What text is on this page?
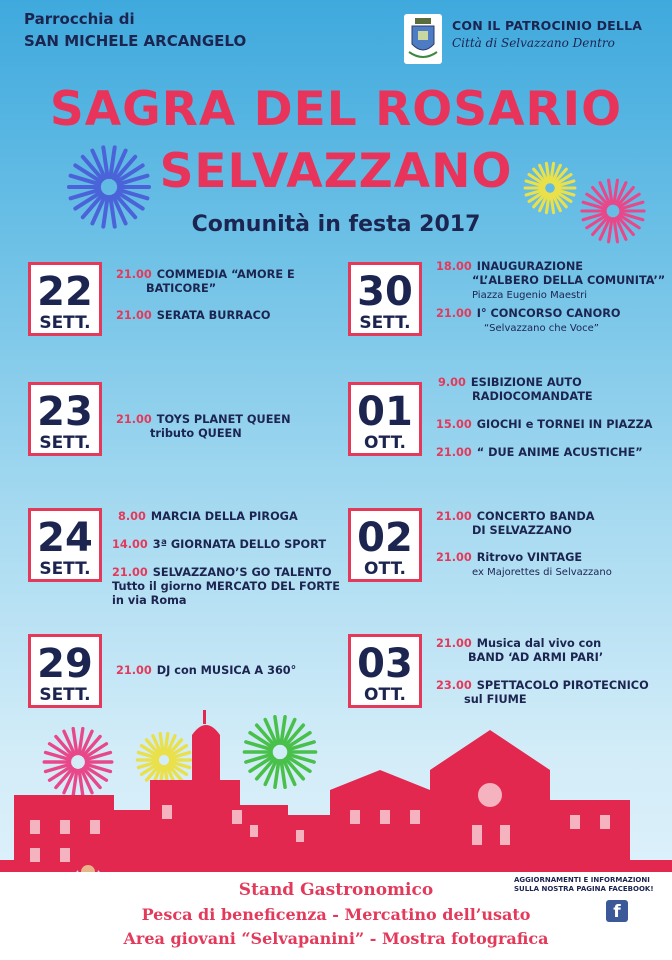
Parrocchia di
SAN MICHELE ARCANGELO
CON IL PATROCINIO DELLA
Città di Selvazzano Dentro
SAGRA DEL ROSARIO
SELVAZZANO
Comunità in festa 2017
22
SETT.
21.00 COMMEDIA “AMORE E
BATICORE”
21.00 SERATA BURRACO
23
SETT.
21.00 TOYS PLANET QUEEN
tributo QUEEN
24
SETT.
8.00 MARCIA DELLA PIROGA
14.00 3ª GIORNATA DELLO SPORT
21.00 SELVAZZANO’S GO TALENTO
Tutto il giorno MERCATO DEL FORTE
in via Roma
29
SETT.
21.00 DJ con MUSICA A 360°
30
SETT.
18.00 INAUGURAZIONE
“L’ALBERO DELLA COMUNITA’”
Piazza Eugenio Maestri
21.00 I° CONCORSO CANORO
“Selvazzano che Voce”
01
OTT.
9.00 ESIBIZIONE AUTO
RADIOCOMANDATE
15.00 GIOCHI e TORNEI IN PIAZZA
21.00 “ DUE ANIME ACUSTICHE”
02
OTT.
21.00 CONCERTO BANDA
DI SELVAZZANO
21.00 Ritrovo VINTAGE
ex Majorettes di Selvazzano
03
OTT.
21.00 Musica dal vivo con
BAND ‘AD ARMI PARI’
23.00 SPETTACOLO PIROTECNICO
sul FIUME
AGGIORNAMENTI E INFORMAZIONI
SULLA NOSTRA PAGINA FACEBOOK!
f
Stand Gastronomico
Pesca di beneficenza - Mercatino dell’usato
Area giovani “Selvapanini” - Mostra fotografica
